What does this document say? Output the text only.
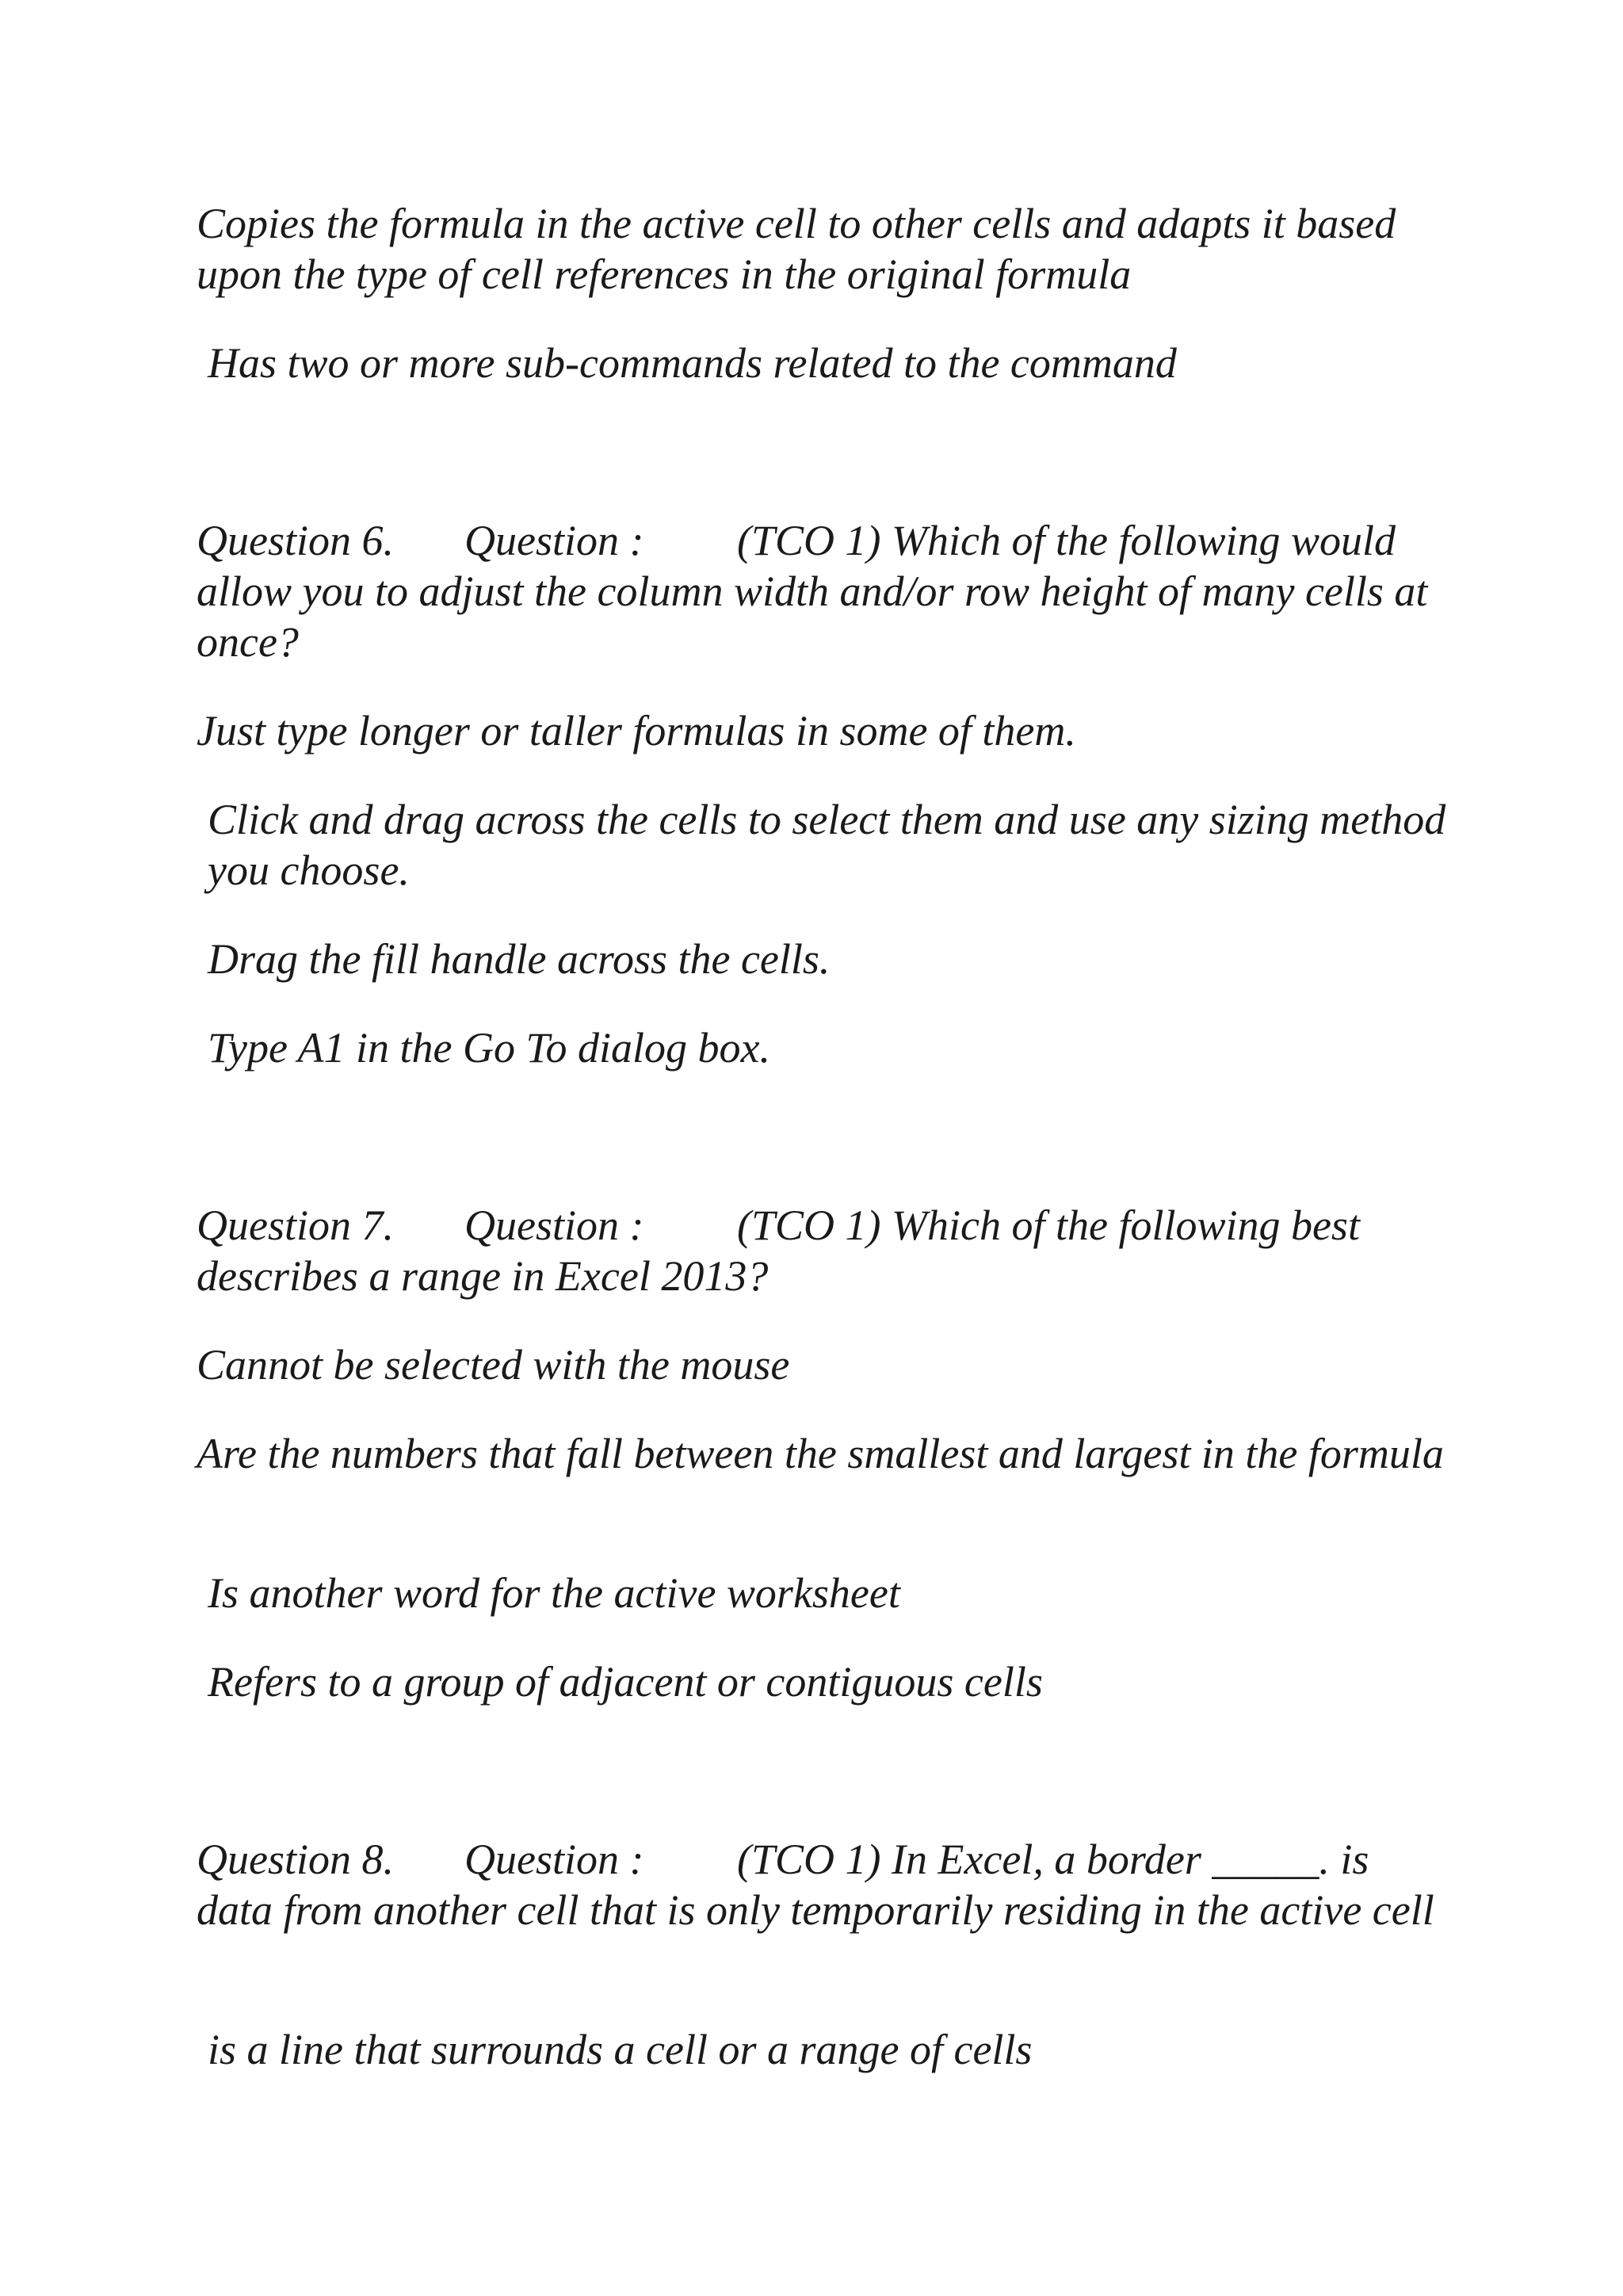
Copies the formula in the active cell to other cells and adapts it based upon the type of cell references in the original formula

Has two or more sub-commands related to the command

Question 6. Question : (TCO 1) Which of the following would allow you to adjust the column width and/or row height of many cells at once?

Just type longer or taller formulas in some of them.

Click and drag across the cells to select them and use any sizing method you choose.

Drag the fill handle across the cells.

Type A1 in the Go To dialog box.

Question 7. Question : (TCO 1) Which of the following best describes a range in Excel 2013?

Cannot be selected with the mouse

Are the numbers that fall between the smallest and largest in the formula

Is another word for the active worksheet

Refers to a group of adjacent or contiguous cells

Question 8. Question : (TCO 1) In Excel, a border _____. is data from another cell that is only temporarily residing in the active cell

is a line that surrounds a cell or a range of cells
